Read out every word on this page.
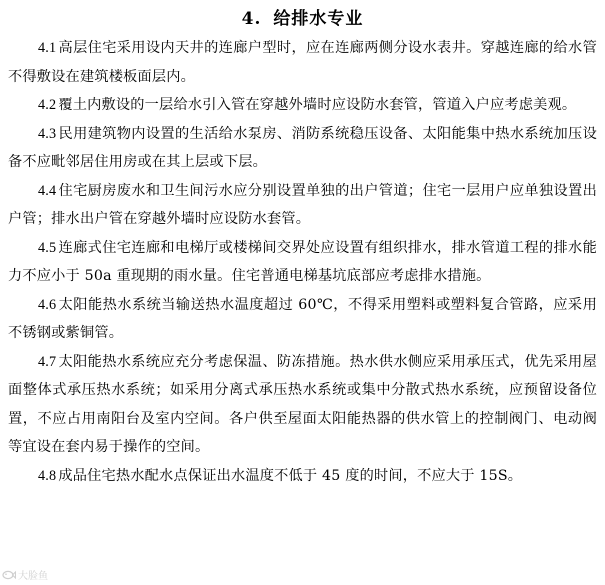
4. 给排水专业

4.1 高层住宅采用设内天井的连廊户型时，应在连廊两侧分设水表井。穿越连廊的给水管不得敷设在建筑楼板面层内。

4.2 覆土内敷设的一层给水引入管在穿越外墙时应设防水套管，管道入户应考虑美观。

4.3 民用建筑物内设置的生活给水泵房、消防系统稳压设备、太阳能集中热水系统加压设备不应毗邻居住用房或在其上层或下层。

4.4 住宅厨房废水和卫生间污水应分别设置单独的出户管道；住宅一层用户应单独设置出户管；排水出户管在穿越外墙时应设防水套管。

4.5 连廊式住宅连廊和电梯厅或楼梯间交界处应设置有组织排水，排水管道工程的排水能力不应小于 50a 重现期的雨水量。住宅普通电梯基坑底部应考虑排水措施。

4.6 太阳能热水系统当输送热水温度超过 60℃，不得采用塑料或塑料复合管路，应采用不锈钢或紫铜管。

4.7 太阳能热水系统应充分考虑保温、防冻措施。热水供水侧应采用承压式，优先采用屋面整体式承压热水系统；如采用分离式承压热水系统或集中分散式热水系统，应预留设备位置，不应占用南阳台及室内空间。各户供至屋面太阳能热器的供水管上的控制阀门、电动阀等宜设在套内易于操作的空间。

4.8 成品住宅热水配水点保证出水温度不低于 45 度的时间，不应大于 15S。

大脸鱼
